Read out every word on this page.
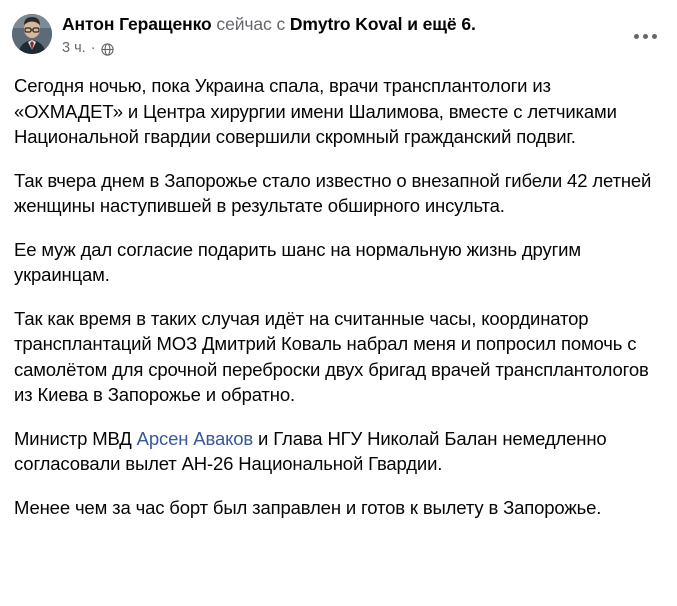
Антон Геращенко сейчас с Dmytro Koval и ещё 6.
3 ч. ·

Сегодня ночью, пока Украина спала, врачи трансплантологи из «ОХМАДЕТ» и Центра хирургии имени Шалимова, вместе с летчиками Национальной гвардии совершили скромный гражданский подвиг.

Так вчера днем в Запорожье стало известно о внезапной гибели 42 летней женщины наступившей в результате обширного инсульта.

Ее муж дал согласие подарить шанс на нормальную жизнь другим украинцам.

Так как время в таких случая идёт на считанные часы, координатор трансплантаций МОЗ Дмитрий Коваль набрал меня и попросил помочь с самолётом для срочной переброски двух бригад врачей трансплантологов из Киева в Запорожье и обратно.

Министр МВД Арсен Аваков и Глава НГУ Николай Балан немедленно согласовали вылет АН-26 Национальной Гвардии.

Менее чем за час борт был заправлен и готов к вылету в Запорожье.
